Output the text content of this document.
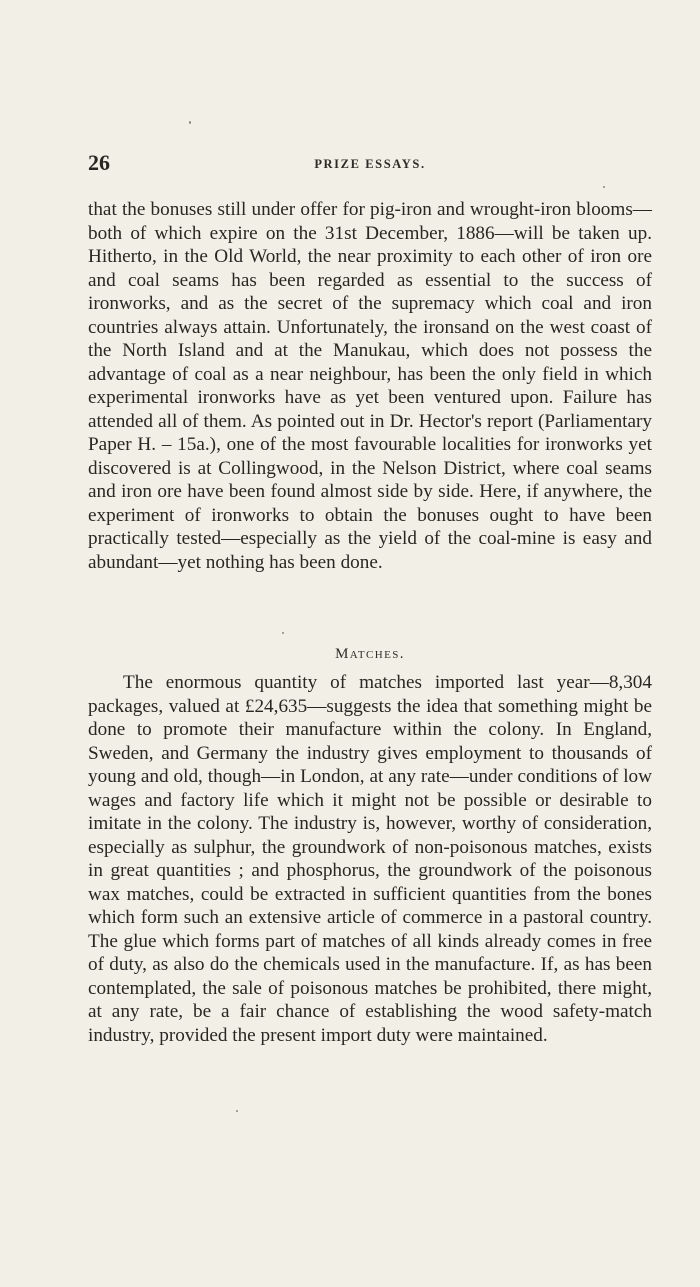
26	PRIZE ESSAYS.

that the bonuses still under offer for pig-iron and wrought-iron blooms—both of which expire on the 31st December, 1886—will be taken up. Hitherto, in the Old World, the near proximity to each other of iron ore and coal seams has been regarded as essential to the success of ironworks, and as the secret of the supremacy which coal and iron countries always attain. Unfortunately, the ironsand on the west coast of the North Island and at the Manukau, which does not possess the advantage of coal as a near neighbour, has been the only field in which experimental ironworks have as yet been ventured upon. Failure has attended all of them. As pointed out in Dr. Hector's report (Parliamentary Paper H. – 15a.), one of the most favourable localities for ironworks yet discovered is at Collingwood, in the Nelson District, where coal seams and iron ore have been found almost side by side. Here, if anywhere, the experiment of ironworks to obtain the bonuses ought to have been practically tested—especially as the yield of the coal-mine is easy and abundant—yet nothing has been done.

Matches.

The enormous quantity of matches imported last year—8,304 packages, valued at £24,635—suggests the idea that something might be done to promote their manufacture within the colony. In England, Sweden, and Germany the industry gives employment to thousands of young and old, though—in London, at any rate—under conditions of low wages and factory life which it might not be possible or desirable to imitate in the colony. The industry is, however, worthy of consideration, especially as sulphur, the groundwork of non-poisonous matches, exists in great quantities ; and phosphorus, the groundwork of the poisonous wax matches, could be extracted in sufficient quantities from the bones which form such an extensive article of commerce in a pastoral country. The glue which forms part of matches of all kinds already comes in free of duty, as also do the chemicals used in the manufacture. If, as has been contemplated, the sale of poisonous matches be prohibited, there might, at any rate, be a fair chance of establishing the wood safety-match industry, provided the present import duty were maintained.
